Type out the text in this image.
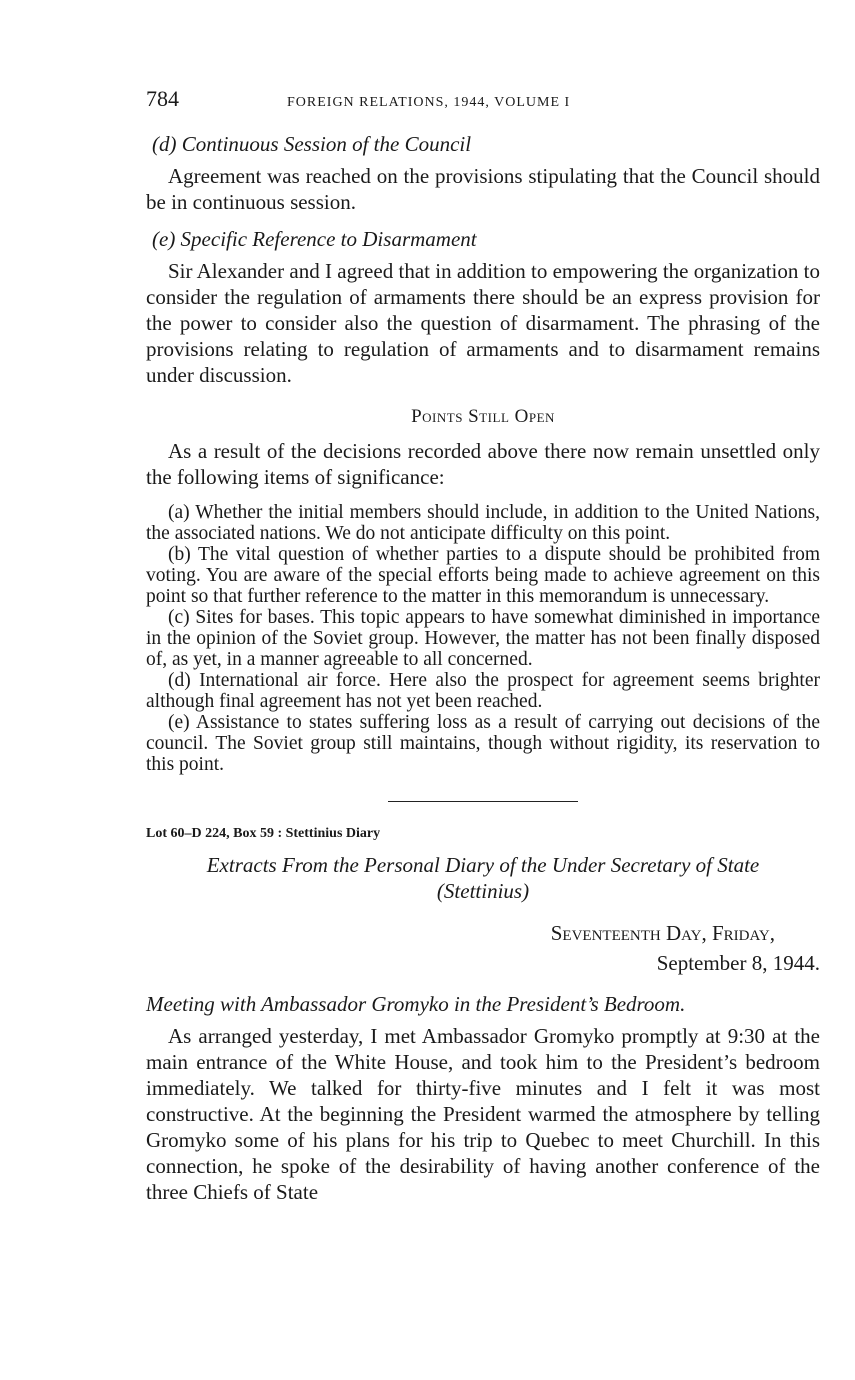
784	FOREIGN RELATIONS, 1944, VOLUME I
(d) Continuous Session of the Council

Agreement was reached on the provisions stipulating that the Council should be in continuous session.

(e) Specific Reference to Disarmament

Sir Alexander and I agreed that in addition to empowering the organization to consider the regulation of armaments there should be an express provision for the power to consider also the question of disarmament. The phrasing of the provisions relating to regulation of armaments and to disarmament remains under discussion.

Points Still Open

As a result of the decisions recorded above there now remain unsettled only the following items of significance:

(a) Whether the initial members should include, in addition to the United Nations, the associated nations. We do not anticipate difficulty on this point.

(b) The vital question of whether parties to a dispute should be prohibited from voting. You are aware of the special efforts being made to achieve agreement on this point so that further reference to the matter in this memorandum is unnecessary.

(c) Sites for bases. This topic appears to have somewhat diminished in importance in the opinion of the Soviet group. However, the matter has not been finally disposed of, as yet, in a manner agreeable to all concerned.

(d) International air force. Here also the prospect for agreement seems brighter although final agreement has not yet been reached.

(e) Assistance to states suffering loss as a result of carrying out decisions of the council. The Soviet group still maintains, though without rigidity, its reservation to this point.

Lot 60–D 224, Box 59 : Stettinius Diary
Extracts From the Personal Diary of the Under Secretary of State
(Stettinius)
Seventeenth Day, Friday,
September 8, 1944.
Meeting with Ambassador Gromyko in the President’s Bedroom.

As arranged yesterday, I met Ambassador Gromyko promptly at 9:30 at the main entrance of the White House, and took him to the President’s bedroom immediately. We talked for thirty-five minutes and I felt it was most constructive. At the beginning the President warmed the atmosphere by telling Gromyko some of his plans for his trip to Quebec to meet Churchill. In this connection, he spoke of the desirability of having another conference of the three Chiefs of State
